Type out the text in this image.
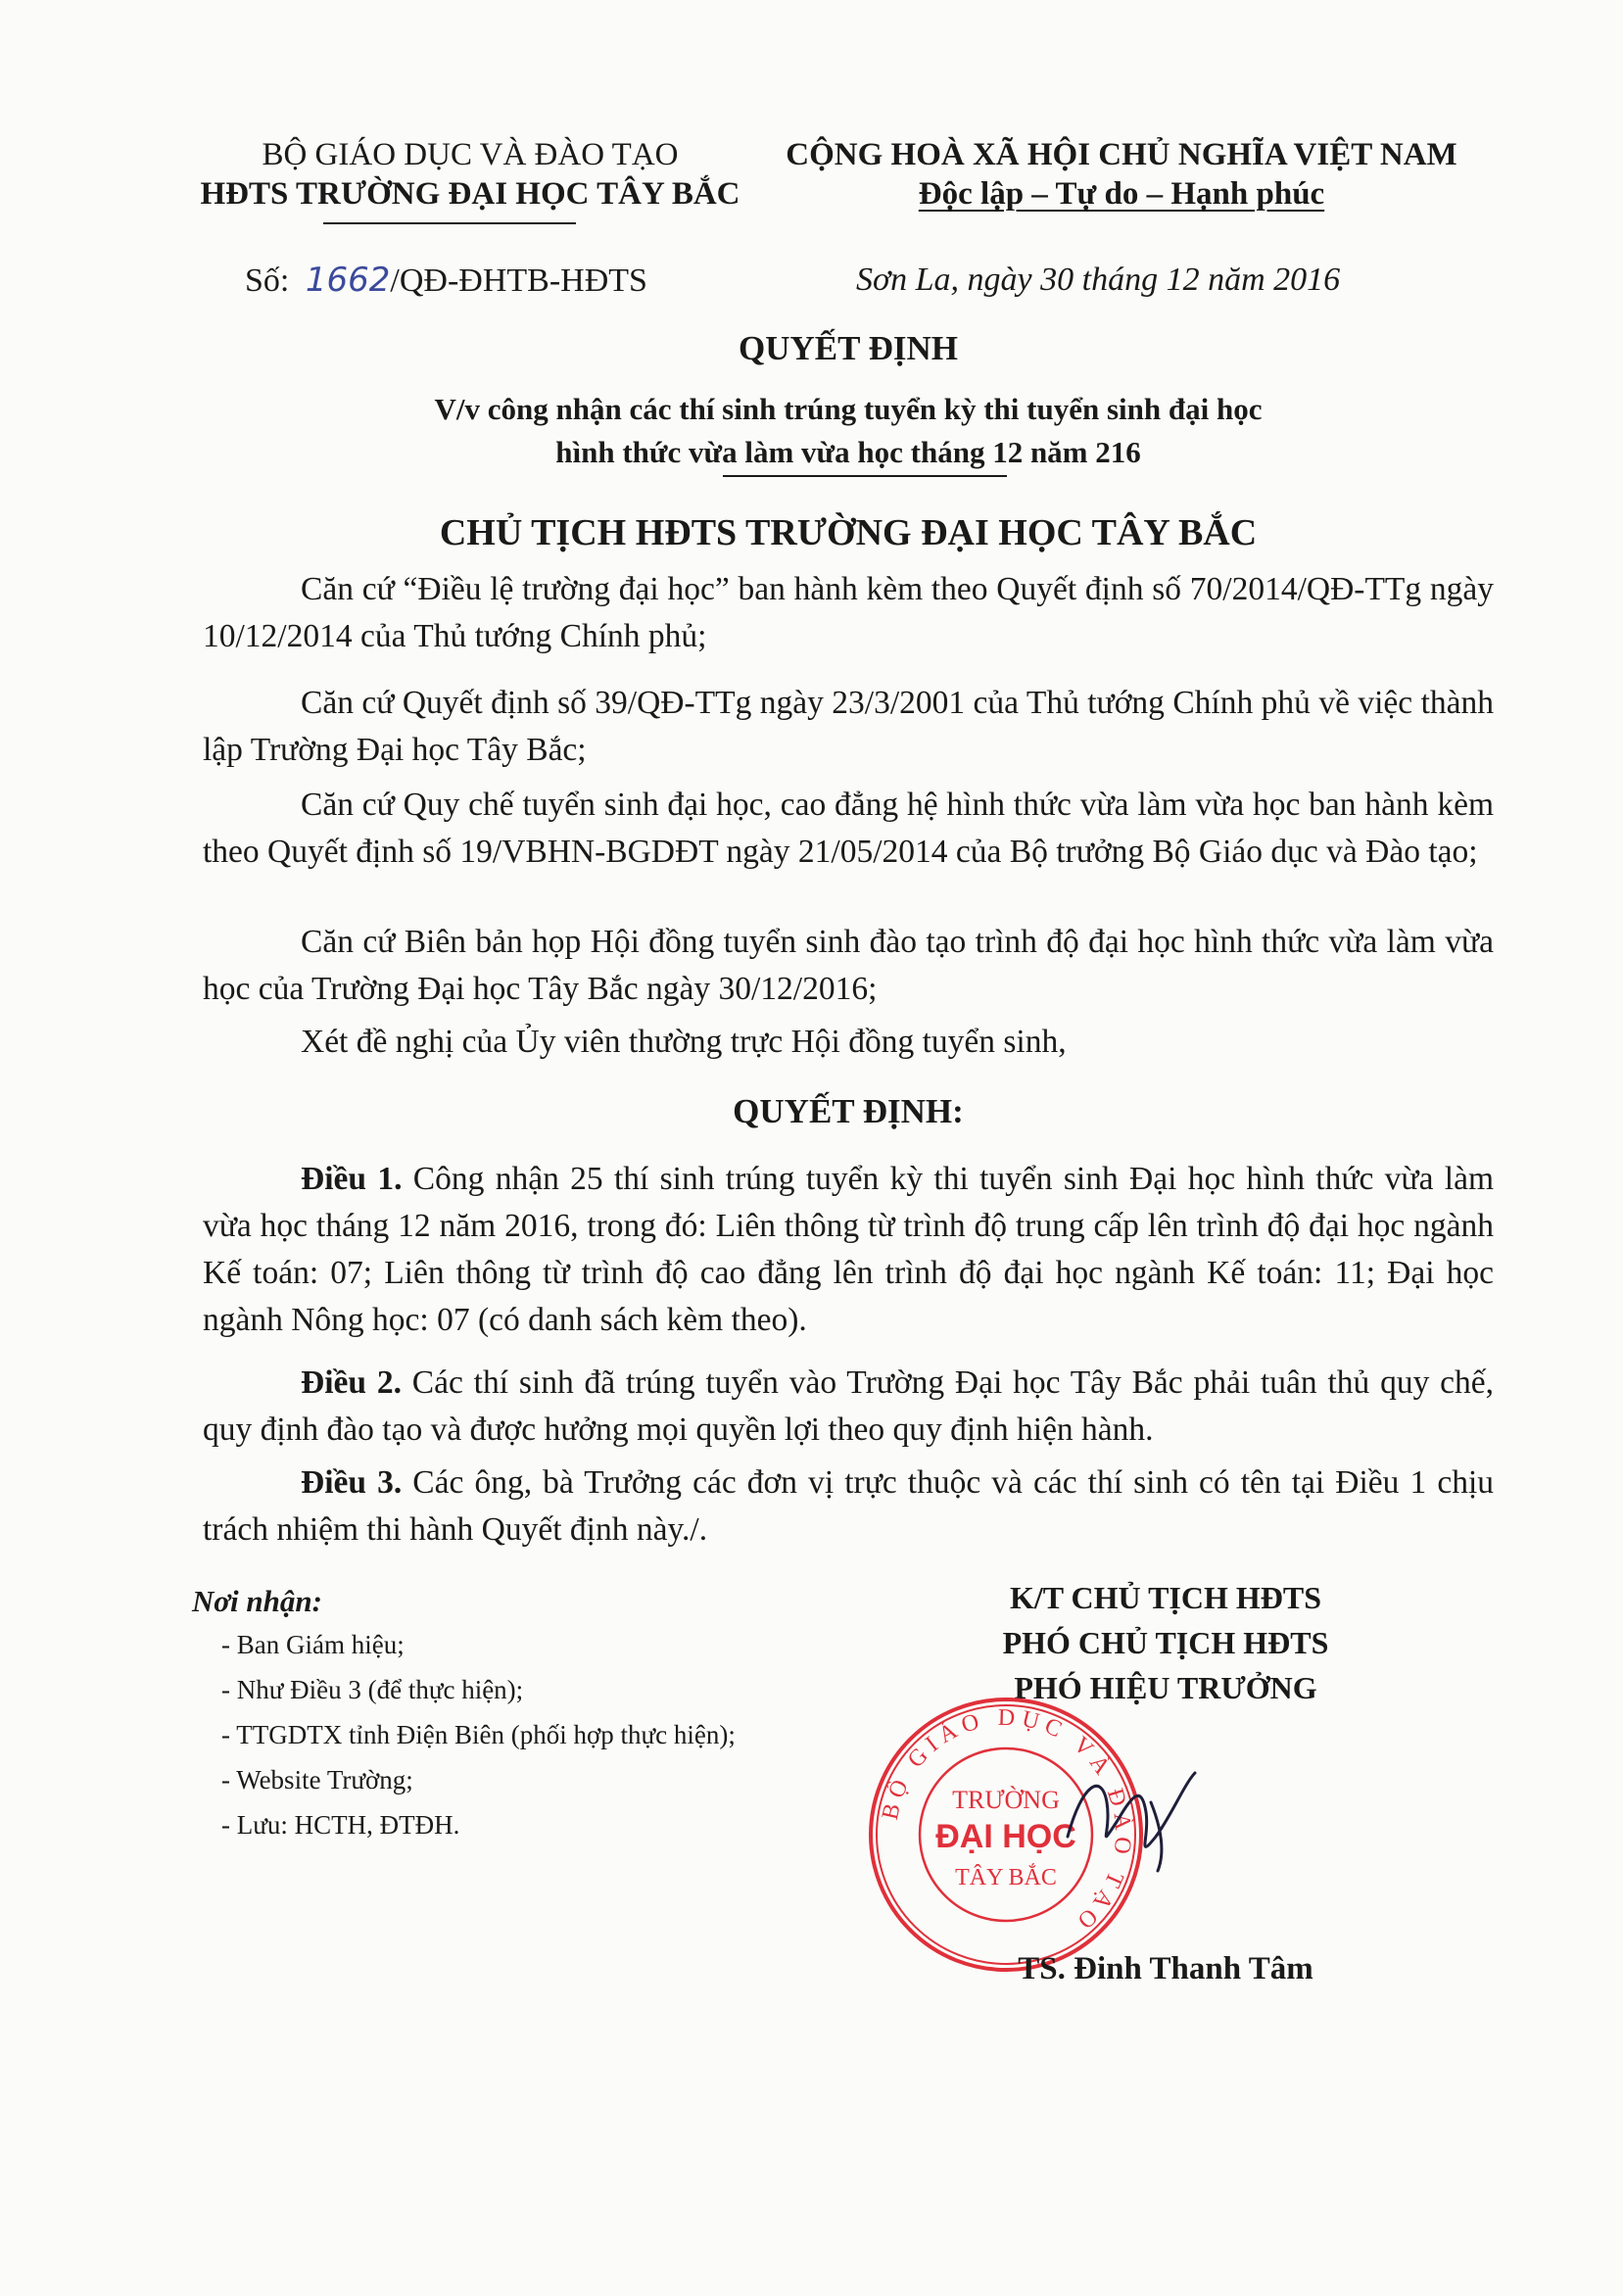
BỘ GIÁO DỤC VÀ ĐÀO TẠO
HĐTS TRƯỜNG ĐẠI HỌC TÂY BẮC
CỘNG HOÀ XÃ HỘI CHỦ NGHĨA VIỆT NAM
Độc lập – Tự do – Hạnh phúc
Số: 1662/QĐ-ĐHTB-HĐTS	Sơn La, ngày 30 tháng 12 năm 2016
QUYẾT ĐỊNH
V/v công nhận các thí sinh trúng tuyển kỳ thi tuyển sinh đại học
hình thức vừa làm vừa học tháng 12 năm 216
CHỦ TỊCH HĐTS TRƯỜNG ĐẠI HỌC TÂY BẮC
Căn cứ “Điều lệ trường đại học” ban hành kèm theo Quyết định số 70/2014/QĐ-TTg ngày 10/12/2014 của Thủ tướng Chính phủ;
Căn cứ Quyết định số 39/QĐ-TTg ngày 23/3/2001 của Thủ tướng Chính phủ về việc thành lập Trường Đại học Tây Bắc;
Căn cứ Quy chế tuyển sinh đại học, cao đẳng hệ hình thức vừa làm vừa học ban hành kèm theo Quyết định số 19/VBHN-BGDĐT ngày 21/05/2014 của Bộ trưởng Bộ Giáo dục và Đào tạo;
Căn cứ Biên bản họp Hội đồng tuyển sinh đào tạo trình độ đại học hình thức vừa làm vừa học của Trường Đại học Tây Bắc ngày 30/12/2016;
Xét đề nghị của Ủy viên thường trực Hội đồng tuyển sinh,
QUYẾT ĐỊNH:
Điều 1. Công nhận 25 thí sinh trúng tuyển kỳ thi tuyển sinh Đại học hình thức vừa làm vừa học tháng 12 năm 2016, trong đó: Liên thông từ trình độ trung cấp lên trình độ đại học ngành Kế toán: 07; Liên thông từ trình độ cao đẳng lên trình độ đại học ngành Kế toán: 11; Đại học ngành Nông học: 07 (có danh sách kèm theo).
Điều 2. Các thí sinh đã trúng tuyển vào Trường Đại học Tây Bắc phải tuân thủ quy chế, quy định đào tạo và được hưởng mọi quyền lợi theo quy định hiện hành.
Điều 3. Các ông, bà Trưởng các đơn vị trực thuộc và các thí sinh có tên tại Điều 1 chịu trách nhiệm thi hành Quyết định này./.
Nơi nhận:
- Ban Giám hiệu;
- Như Điều 3 (để thực hiện);
- TTGDTX tỉnh Điện Biên (phối hợp thực hiện);
- Website Trường;
- Lưu: HCTH, ĐTĐH.
K/T CHỦ TỊCH HĐTS
PHÓ CHỦ TỊCH HĐTS
PHÓ HIỆU TRƯỞNG
BỘ GIÁO DỤC VÀ ĐÀO TẠO
TRƯỜNG
ĐẠI HỌC
TÂY BẮC
TS. Đinh Thanh Tâm
